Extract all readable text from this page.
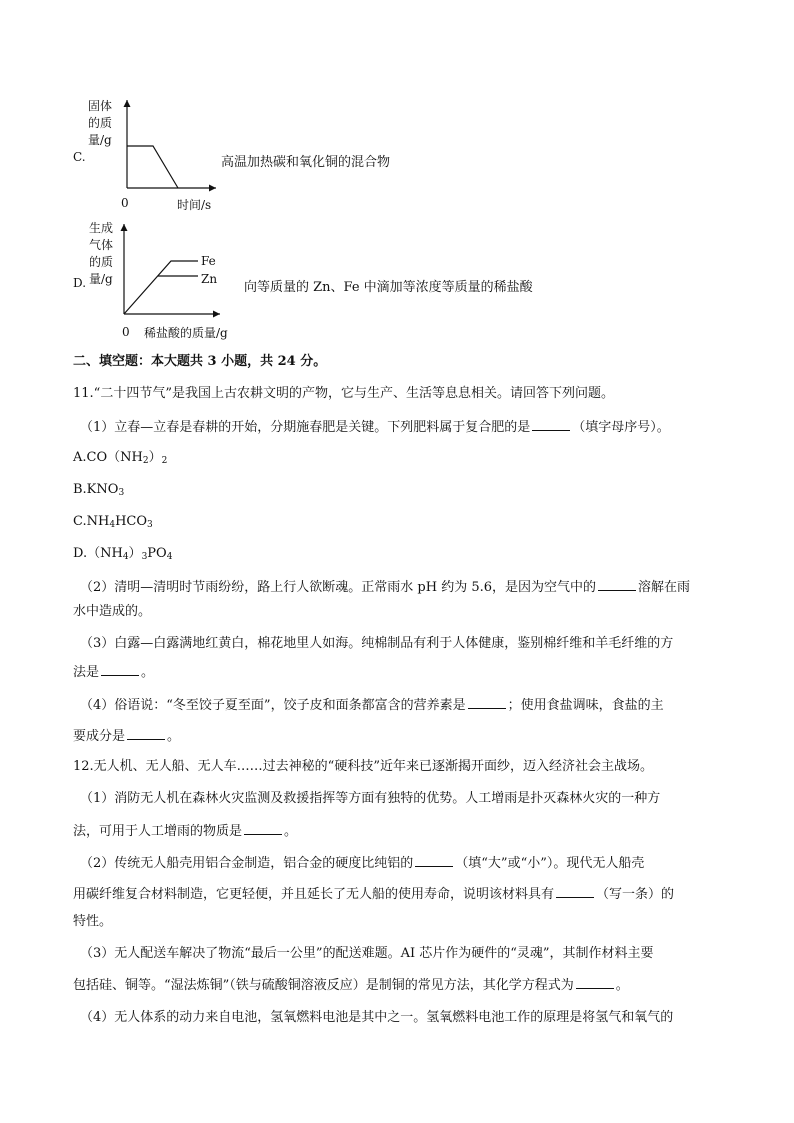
固体
的质
量/g
0	时间/s
C.	高温加热碳和氧化铜的混合物
Fe
Zn
生成
气体
的质
量/g
0 稀盐酸的质量/g
D.	向等质量的 Zn、Fe 中滴加等浓度等质量的稀盐酸
二、填空题：本大题共 3 小题，共 24 分。
11.“二十四节气”是我国上古农耕文明的产物，它与生产、生活等息息相关。请回答下列问题。
（1）立春—立春是春耕的开始，分期施春肥是关键。下列肥料属于复合肥的是	（填字母序号）。
$A.CO(NH_2)_2$
$B.KNO_3$
$C.NH_4HCO_3$
$D.(NH_4)_3PO_4$
（2）清明—清明时节雨纷纷，路上行人欲断魂。正常雨水 pH 约为 5.6，是因为空气中的	溶解在雨
水中造成的。
（3）白露—白露满地红黄白，棉花地里人如海。纯棉制品有利于人体健康，鉴别棉纤维和羊毛纤维的方
法是	。
（4）俗语说：“冬至饺子夏至面”，饺子皮和面条都富含的营养素是	；使用食盐调味，食盐的主
要成分是	。
12.无人机、无人船、无人车……过去神秘的“硬科技”近年来已逐渐揭开面纱，迈入经济社会主战场。
（1）消防无人机在森林火灾监测及救援指挥等方面有独特的优势。人工增雨是扑灭森林火灾的一种方
法，可用于人工增雨的物质是	。
（2）传统无人船壳用铝合金制造，铝合金的硬度比纯铝的	（填“大”或“小”）。现代无人船壳
用碳纤维复合材料制造，它更轻便，并且延长了无人船的使用寿命，说明该材料具有	（写一条）的
特性。
（3）无人配送车解决了物流“最后一公里”的配送难题。AI 芯片作为硬件的“灵魂”，其制作材料主要
包括硅、铜等。“湿法炼铜”（铁与硫酸铜溶液反应）是制铜的常见方法，其化学方程式为	。
（4）无人体系的动力来自电池，氢氧燃料电池是其中之一。氢氧燃料电池工作的原理是将氢气和氧气的
